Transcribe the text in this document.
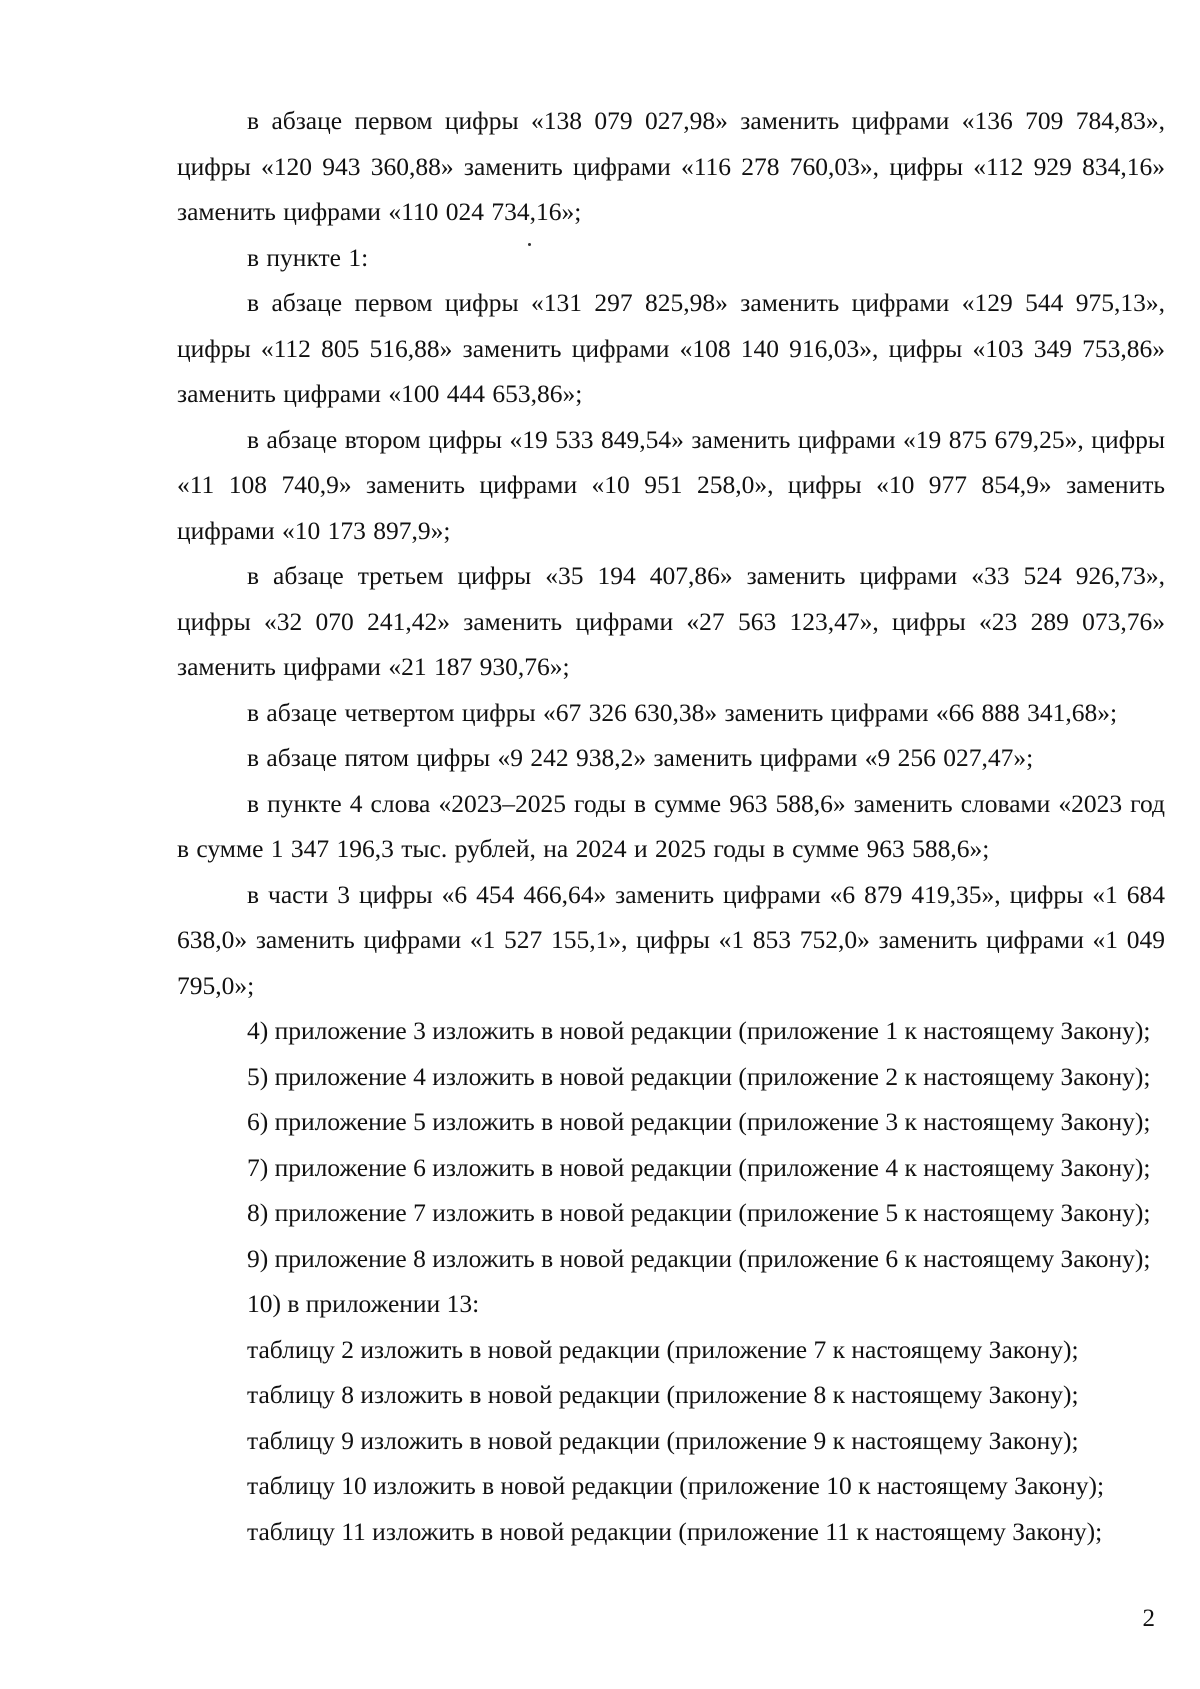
в абзаце первом цифры «138 079 027,98» заменить цифрами «136 709 784,83», цифры «120 943 360,88» заменить цифрами «116 278 760,03», цифры «112 929 834,16» заменить цифрами «110 024 734,16»;

в пункте 1:

в абзаце первом цифры «131 297 825,98» заменить цифрами «129 544 975,13», цифры «112 805 516,88» заменить цифрами «108 140 916,03», цифры «103 349 753,86» заменить цифрами «100 444 653,86»;

в абзаце втором цифры «19 533 849,54» заменить цифрами «19 875 679,25», цифры «11 108 740,9» заменить цифрами «10 951 258,0», цифры «10 977 854,9» заменить цифрами «10 173 897,9»;

в абзаце третьем цифры «35 194 407,86» заменить цифрами «33 524 926,73», цифры «32 070 241,42» заменить цифрами «27 563 123,47», цифры «23 289 073,76» заменить цифрами «21 187 930,76»;

в абзаце четвертом цифры «67 326 630,38» заменить цифрами «66 888 341,68»;

в абзаце пятом цифры «9 242 938,2» заменить цифрами «9 256 027,47»;

в пункте 4 слова «2023–2025 годы в сумме 963 588,6» заменить словами «2023 год в сумме 1 347 196,3 тыс. рублей, на 2024 и 2025 годы в сумме 963 588,6»;

в части 3 цифры «6 454 466,64» заменить цифрами «6 879 419,35», цифры «1 684 638,0» заменить цифрами «1 527 155,1», цифры «1 853 752,0» заменить цифрами «1 049 795,0»;

4) приложение 3 изложить в новой редакции (приложение 1 к настоящему Закону);

5) приложение 4 изложить в новой редакции (приложение 2 к настоящему Закону);

6) приложение 5 изложить в новой редакции (приложение 3 к настоящему Закону);

7) приложение 6 изложить в новой редакции (приложение 4 к настоящему Закону);

8) приложение 7 изложить в новой редакции (приложение 5 к настоящему Закону);

9) приложение 8 изложить в новой редакции (приложение 6 к настоящему Закону);

10) в приложении 13:

таблицу 2 изложить в новой редакции (приложение 7 к настоящему Закону);

таблицу 8 изложить в новой редакции (приложение 8 к настоящему Закону);

таблицу 9 изложить в новой редакции (приложение 9 к настоящему Закону);

таблицу 10 изложить в новой редакции (приложение 10 к настоящему Закону);

таблицу 11 изложить в новой редакции (приложение 11 к настоящему Закону);

2
